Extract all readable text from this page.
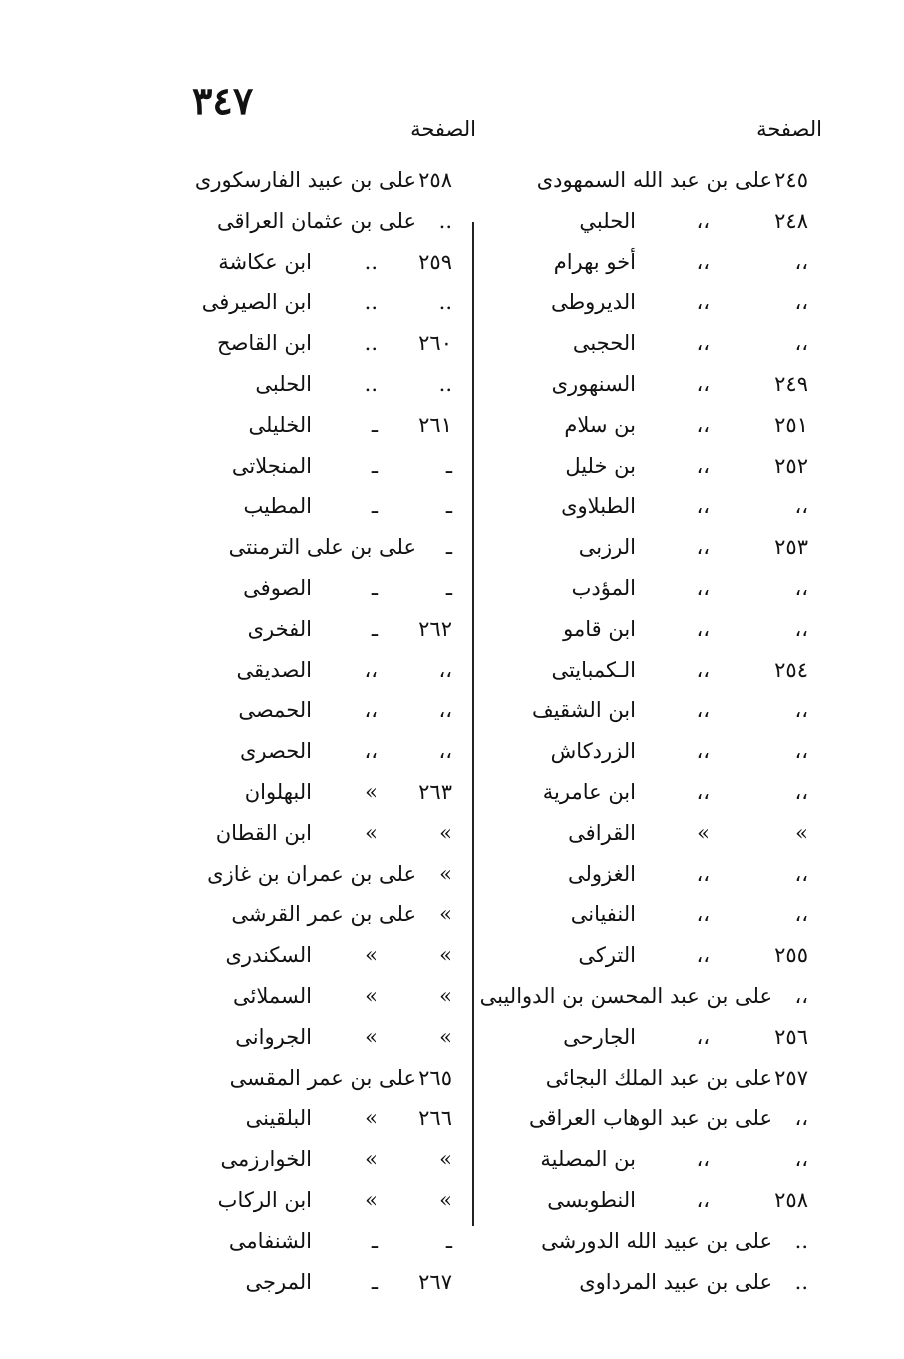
٣٤٧
الصفحة
الصفحة
٢٤٥
على بن عبد الله السمهودى
٢٤٨
،،
الحلبي
،،
،،
أخو بهرام
،،
،،
الديروطى
،،
،،
الحجبى
٢٤٩
،،
السنهورى
٢٥١
،،
بن سلام
٢٥٢
،،
بن خليل
،،
،،
الطبلاوى
٢٥٣
،،
الرزبى
،،
،،
المؤدب
،،
،،
ابن قامو
٢٥٤
،،
الـكمبايتى
،،
،،
ابن الشقيف
،،
،،
الزردكاش
،،
،،
ابن عامرية
»
»
القرافى
،،
،،
الغزولى
،،
،،
النفيانى
٢٥٥
،،
التركى
،،
على بن عبد المحسن بن الدواليبى
٢٥٦
،،
الجارحى
٢٥٧
على بن عبد الملك البجائى
،،
على بن عبد الوهاب العراقى
،،
،،
بن المصلية
٢٥٨
،،
النطوبسى
..
على بن عبيد الله الدورشى
..
على بن عبيد المرداوى
٢٥٨
على بن عبيد الفارسكورى
..
على بن عثمان العراقى
٢٥٩
..
ابن عكاشة
..
..
ابن الصيرفى
٢٦٠
..
ابن القاصح
..
..
الحلبى
٢٦١
ـ
الخليلى
ـ
ـ
المنجلاتى
ـ
ـ
المطيب
ـ
على بن على الترمنتى
ـ
ـ
الصوفى
٢٦٢
ـ
الفخرى
،،
،،
الصديقى
،،
،،
الحمصى
،،
،،
الحصرى
٢٦٣
»
البهلوان
»
»
ابن القطان
»
على بن عمران بن غازى
»
على بن عمر القرشى
»
»
السكندرى
»
»
السملائى
»
»
الجروانى
٢٦٥
على بن عمر المقسى
٢٦٦
»
البلقينى
»
»
الخوارزمى
»
»
ابن الركاب
ـ
ـ
الشنفامى
٢٦٧
ـ
المرجى
